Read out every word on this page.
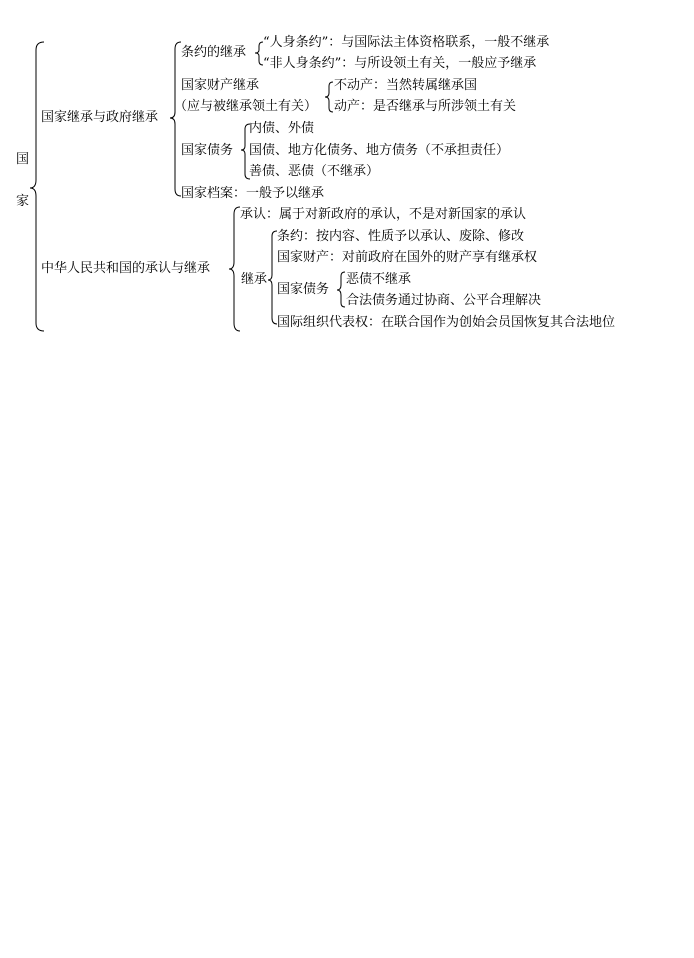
国
家
国家继承与政府继承
条约的继承
“人身条约”：与国际法主体资格联系，一般不继承
“非人身条约”：与所设领土有关，一般应予继承
国家财产继承
（应与被继承领土有关）
不动产：当然转属继承国
动产：是否继承与所涉领土有关
国家债务
内债、外债
国债、地方化债务、地方债务（不承担责任）
善债、恶债（不继承）
国家档案：一般予以继承
中华人民共和国的承认与继承
承认：属于对新政府的承认，不是对新国家的承认
继承
条约：按内容、性质予以承认、废除、修改
国家财产：对前政府在国外的财产享有继承权
国家债务
恶债不继承
合法债务通过协商、公平合理解决
国际组织代表权：在联合国作为创始会员国恢复其合法地位
